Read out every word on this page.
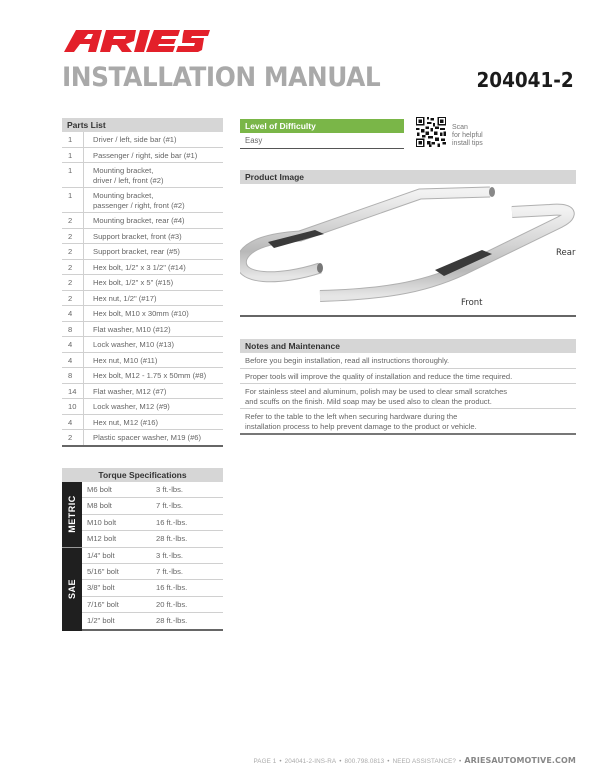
INSTALLATION MANUAL	204041-2
Parts List
1	Driver / left, side bar (#1)
1	Passenger / right, side bar (#1)
1	Mounting bracket,
driver / left, front (#2)
1	Mounting bracket,
passenger / right, front (#2)
2	Mounting bracket, rear (#4)
2	Support bracket, front (#3)
2	Support bracket, rear (#5)
2	Hex bolt, 1/2" x 3 1/2" (#14)
2	Hex bolt, 1/2" x 5" (#15)
2	Hex nut, 1/2" (#17)
4	Hex bolt, M10 x 30mm (#10)
8	Flat washer, M10 (#12)
4	Lock washer, M10 (#13)
4	Hex nut, M10 (#11)
8	Hex bolt, M12 - 1.75 x 50mm (#8)
14	Flat washer, M12 (#7)
10	Lock washer, M12 (#9)
4	Hex nut, M12 (#16)
2	Plastic spacer washer, M19 (#6)
Torque Specifications
METRIC
M6 bolt	3 ft.-lbs.
M8 bolt	7 ft.-lbs.
M10 bolt	16 ft.-lbs.
M12 bolt	28 ft.-lbs.
SAE
1/4" bolt	3 ft.-lbs.
5/16" bolt	7 ft.-lbs.
3/8" bolt	16 ft.-lbs.
7/16" bolt	20 ft.-lbs.
1/2" bolt	28 ft.-lbs.
Level of Difficulty
Easy
Scan
for helpful
install tips
Product Image
Rear
Front
Notes and Maintenance
Before you begin installation, read all instructions thoroughly.
Proper tools will improve the quality of installation and reduce the time required.
For stainless steel and aluminum, polish may be used to clear small scratches
and scuffs on the finish. Mild soap may be used also to clean the product.
Refer to the table to the left when securing hardware during the
installation process to help prevent damage to the product or vehicle.
PAGE 1 • 204041-2-INS-RA • 800.798.0813 • NEED ASSISTANCE? • ARIESAUTOMOTIVE.COM
